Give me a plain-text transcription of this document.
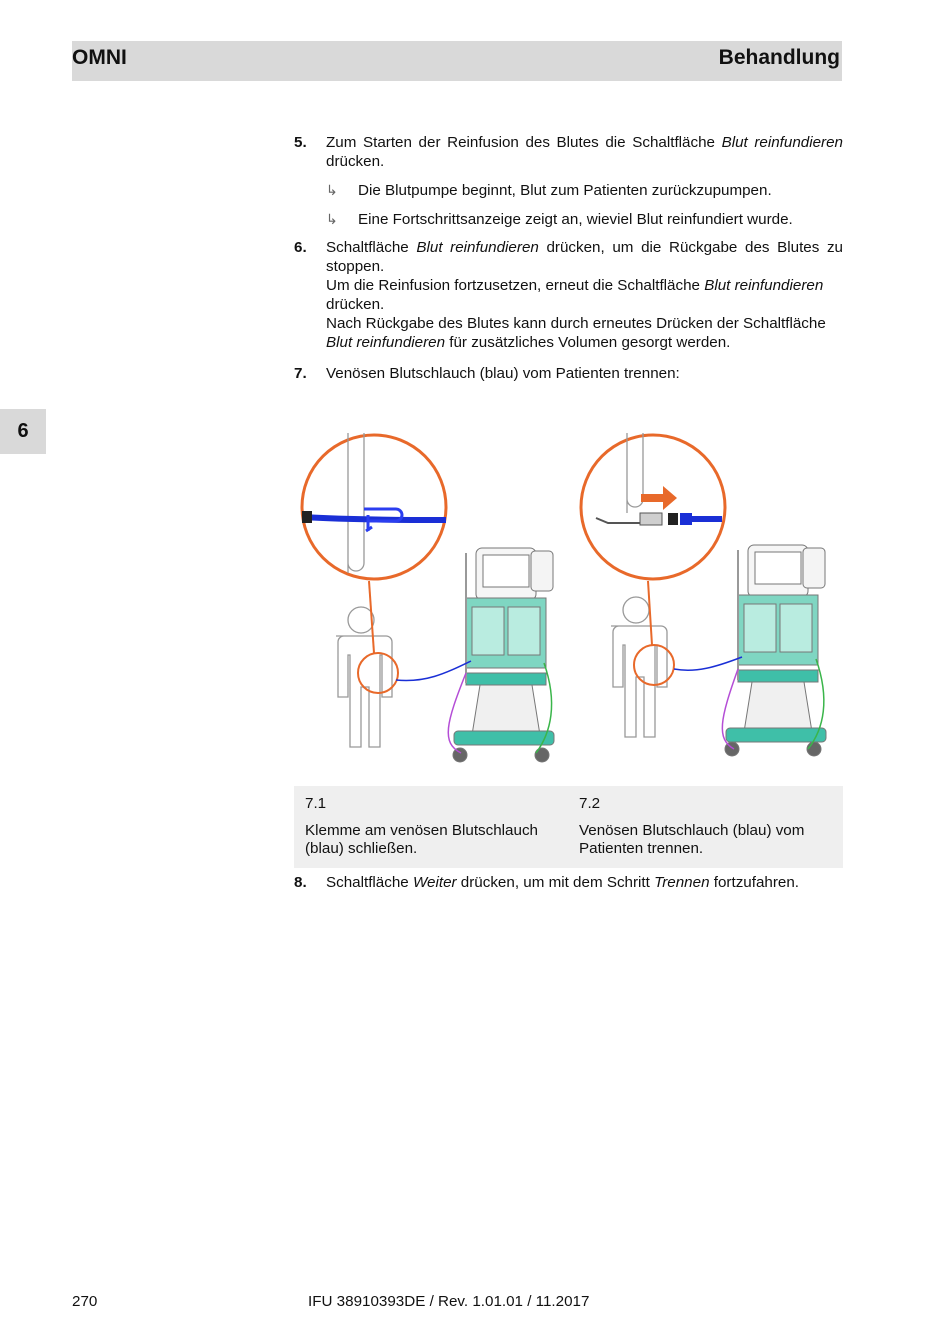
OMNI	Behandlung
6
5. Zum Starten der Reinfusion des Blutes die Schaltfläche Blut reinfundieren drücken.
↳ Die Blutpumpe beginnt, Blut zum Patienten zurückzupumpen.
↳ Eine Fortschrittsanzeige zeigt an, wieviel Blut reinfundiert wurde.
6. Schaltfläche Blut reinfundieren drücken, um die Rückgabe des Blutes zu stoppen.
Um die Reinfusion fortzusetzen, erneut die Schaltfläche Blut reinfundieren drücken.
Nach Rückgabe des Blutes kann durch erneutes Drücken der Schaltfläche Blut reinfundieren für zusätzliches Volumen gesorgt werden.
7. Venösen Blutschlauch (blau) vom Patienten trennen:
7.1
Klemme am venösen Blutschlauch (blau) schließen.
7.2
Venösen Blutschlauch (blau) vom Patienten trennen.
8. Schaltfläche Weiter drücken, um mit dem Schritt Trennen fortzufahren.
270	IFU 38910393DE / Rev. 1.01.01 / 11.2017
